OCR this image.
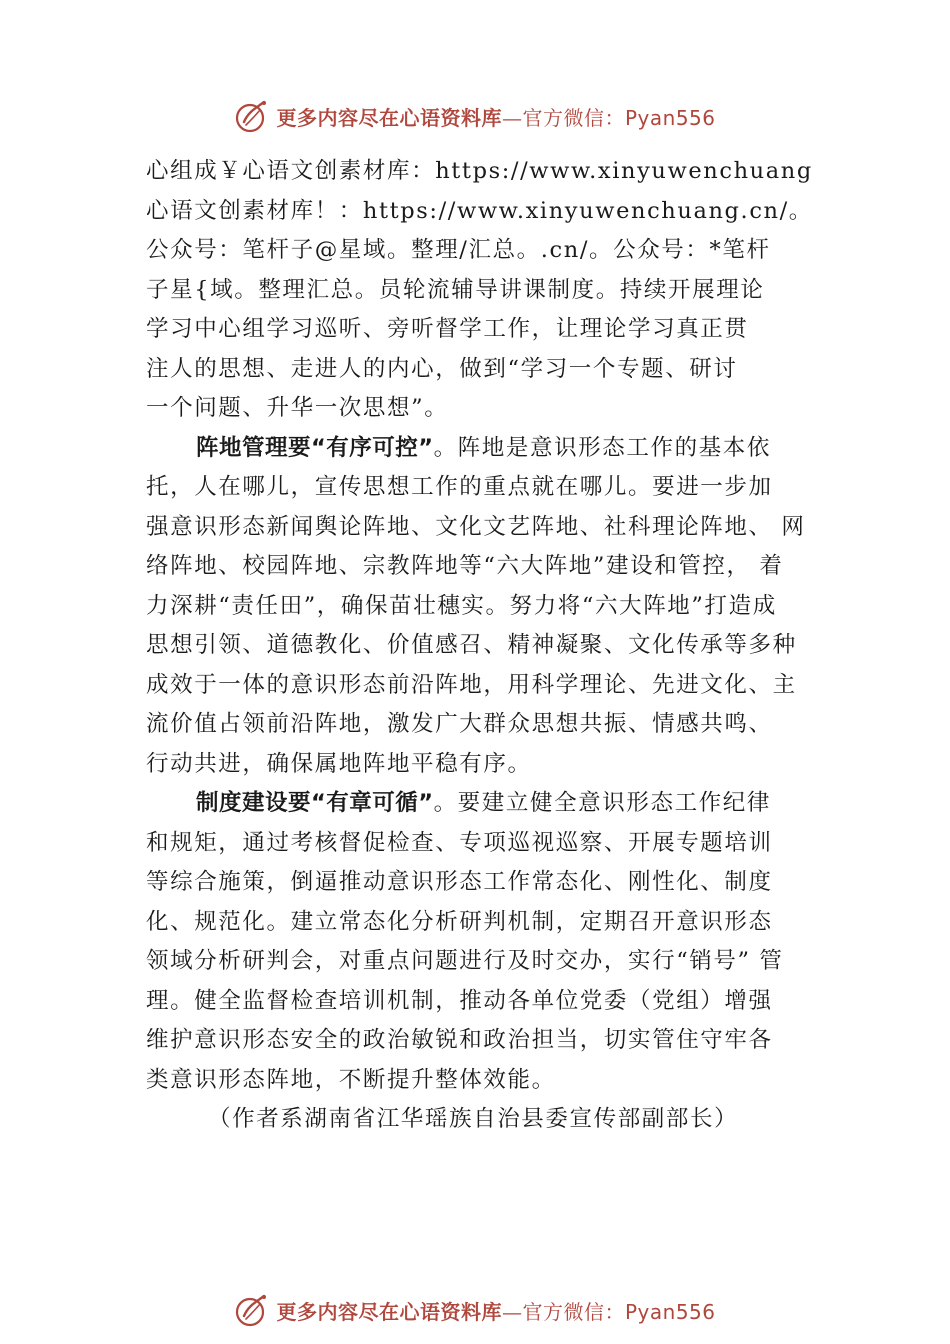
更多内容尽在心语资料库—官方微信：Pyan556
心组成￥心语文创素材库：https://www.xinyuwenchuang
心语文创素材库！：https://www.xinyuwenchuang.cn/。
公众号：笔杆子@星域。整理/汇总。.cn/。公众号：*笔杆
子星{域。整理汇总。员轮流辅导讲课制度。持续开展理论
学习中心组学习巡听、旁听督学工作，让理论学习真正贯
注人的思想、走进人的内心，做到“学习一个专题、研讨
一个问题、升华一次思想”。
阵地管理要“有序可控”。阵地是意识形态工作的基本依
托，人在哪儿，宣传思想工作的重点就在哪儿。要进一步加
强意识形态新闻舆论阵地、文化文艺阵地、社科理论阵地、 网
络阵地、校园阵地、宗教阵地等“六大阵地”建设和管控， 着
力深耕“责任田”，确保苗壮穗实。努力将“六大阵地”打造成
思想引领、道德教化、价值感召、精神凝聚、文化传承等多种
成效于一体的意识形态前沿阵地，用科学理论、先进文化、主
流价值占领前沿阵地，激发广大群众思想共振、情感共鸣、
行动共进，确保属地阵地平稳有序。
制度建设要“有章可循”。要建立健全意识形态工作纪律
和规矩，通过考核督促检查、专项巡视巡察、开展专题培训
等综合施策，倒逼推动意识形态工作常态化、刚性化、制度
化、规范化。建立常态化分析研判机制，定期召开意识形态
领域分析研判会，对重点问题进行及时交办，实行“销号” 管
理。健全监督检查培训机制，推动各单位党委（党组）增强
维护意识形态安全的政治敏锐和政治担当，切实管住守牢各
类意识形态阵地，不断提升整体效能。
（作者系湖南省江华瑶族自治县委宣传部副部长）
更多内容尽在心语资料库—官方微信：Pyan556
